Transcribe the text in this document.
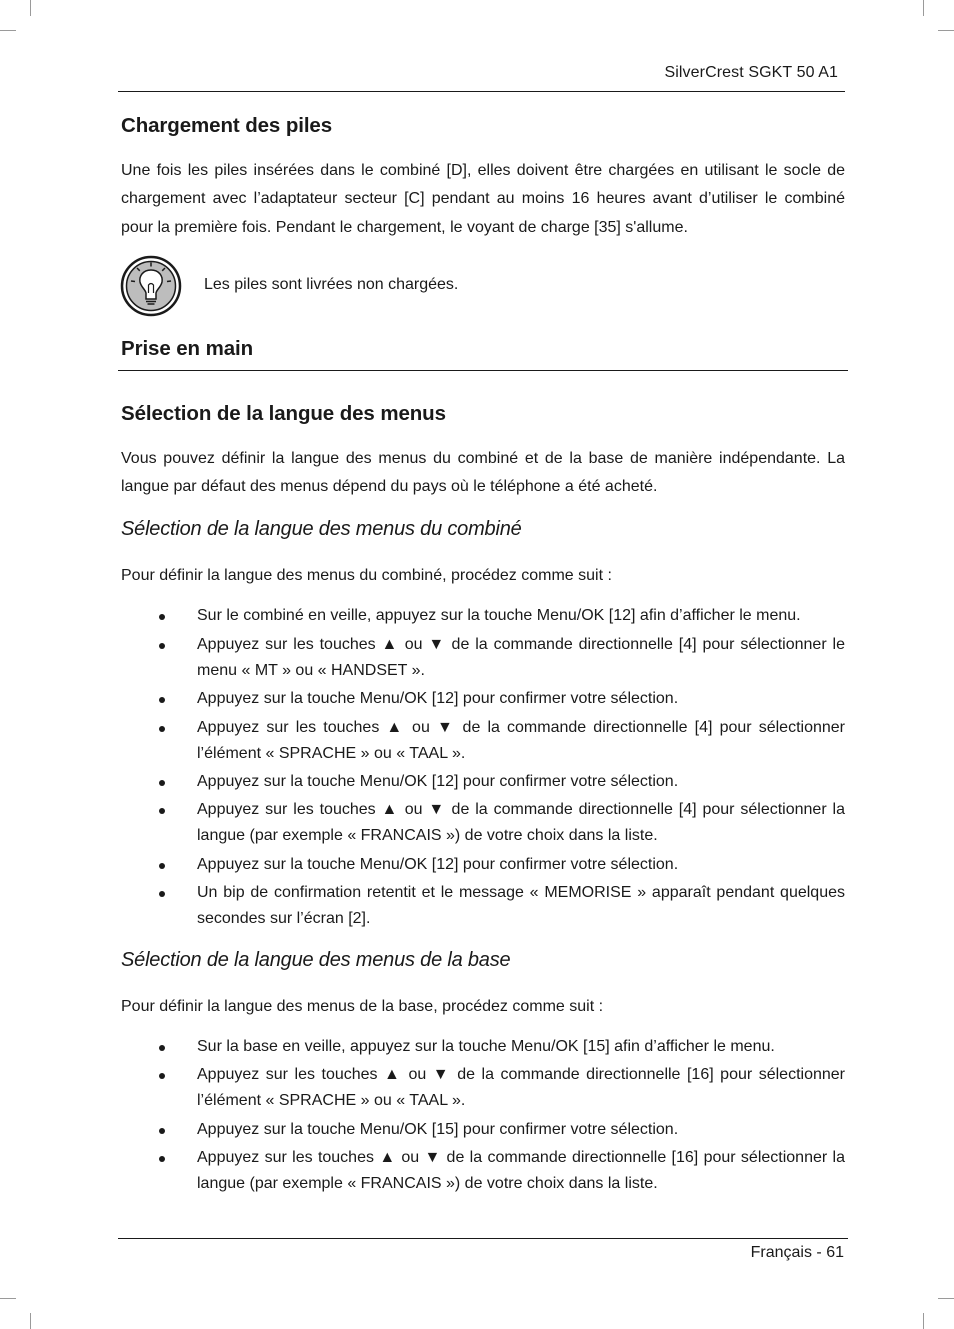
SilverCrest SGKT 50 A1
Chargement des piles

Une fois les piles insérées dans le combiné [D], elles doivent être chargées en utilisant le socle de chargement avec l’adaptateur secteur [C] pendant au moins 16 heures avant d’utiliser le combiné pour la première fois. Pendant le chargement, le voyant de charge [35] s'allume.

Les piles sont livrées non chargées.
Prise en main
Sélection de la langue des menus

Vous pouvez définir la langue des menus du combiné et de la base de manière indépendante. La langue par défaut des menus dépend du pays où le téléphone a été acheté.

Sélection de la langue des menus du combiné

Pour définir la langue des menus du combiné, procédez comme suit :

Sur le combiné en veille, appuyez sur la touche Menu/OK [12] afin d’afficher le menu.

Appuyez sur les touches ▲ ou ▼ de la commande directionnelle [4] pour sélectionner le menu « MT » ou « HANDSET ».

Appuyez sur la touche Menu/OK [12] pour confirmer votre sélection.

Appuyez sur les touches ▲ ou ▼ de la commande directionnelle [4] pour sélectionner l’élément « SPRACHE » ou « TAAL ».

Appuyez sur la touche Menu/OK [12] pour confirmer votre sélection.

Appuyez sur les touches ▲ ou ▼ de la commande directionnelle [4] pour sélectionner la langue (par exemple « FRANCAIS ») de votre choix dans la liste.

Appuyez sur la touche Menu/OK [12] pour confirmer votre sélection.

Un bip de confirmation retentit et le message « MEMORISE » apparaît pendant quelques secondes sur l’écran [2].

Sélection de la langue des menus de la base

Pour définir la langue des menus de la base, procédez comme suit :

Sur la base en veille, appuyez sur la touche Menu/OK [15] afin d’afficher le menu.

Appuyez sur les touches ▲ ou ▼ de la commande directionnelle [16] pour sélectionner l’élément « SPRACHE » ou « TAAL ».

Appuyez sur la touche Menu/OK [15] pour confirmer votre sélection.

Appuyez sur les touches ▲ ou ▼ de la commande directionnelle [16] pour sélectionner la langue (par exemple « FRANCAIS ») de votre choix dans la liste.

Français - 61
